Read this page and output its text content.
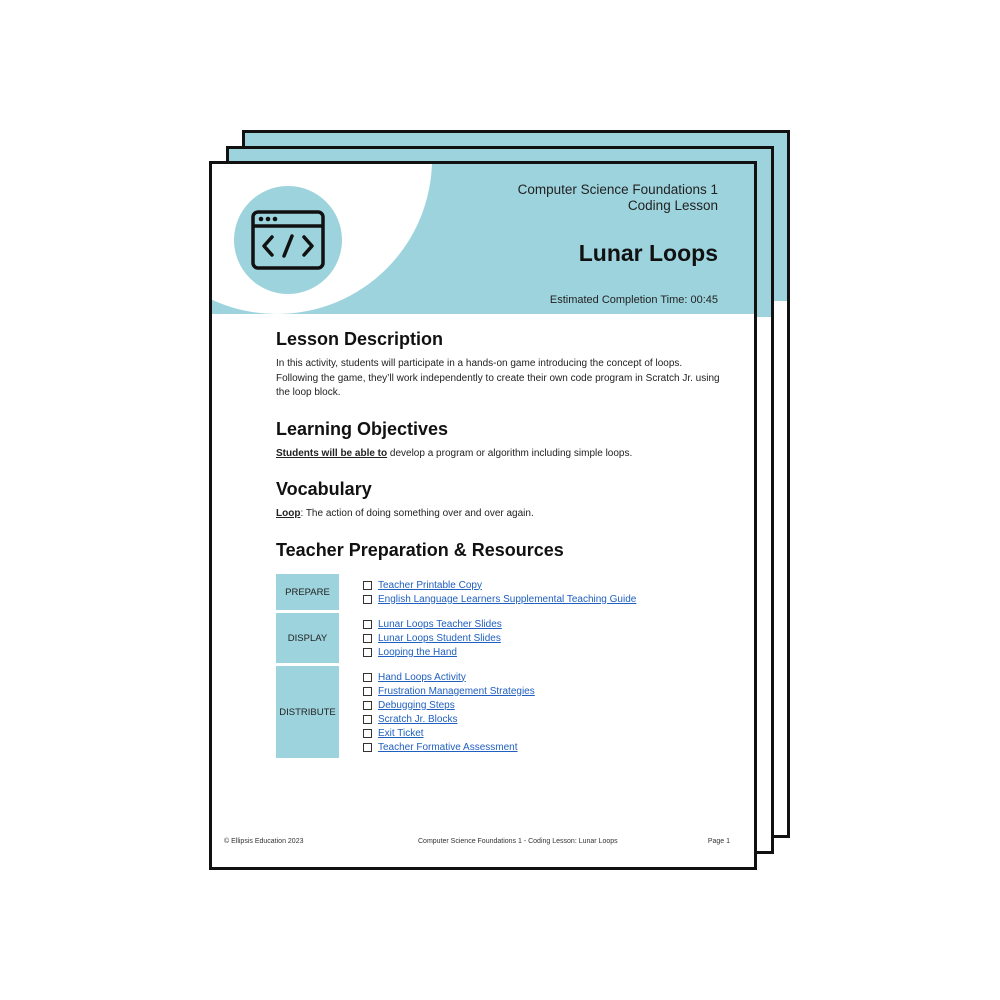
Computer Science Foundations 1
Coding Lesson
Lunar Loops
Estimated Completion Time: 00:45
Lesson Description

In this activity, students will participate in a hands-on game introducing the concept of loops. Following the game, they’ll work independently to create their own code program in Scratch Jr. using the loop block.

Learning Objectives

Students will be able to develop a program or algorithm including simple loops.

Vocabulary

Loop: The action of doing something over and over again.

Teacher Preparation & Resources
PREPARE
Teacher Printable Copy
English Language Learners Supplemental Teaching Guide
DISPLAY
Lunar Loops Teacher Slides
Lunar Loops Student Slides
Looping the Hand
DISTRIBUTE
Hand Loops Activity
Frustration Management Strategies
Debugging Steps
Scratch Jr. Blocks
Exit Ticket
Teacher Formative Assessment
© Ellipsis Education 2023	Computer Science Foundations 1 - Coding Lesson: Lunar Loops	Page 1
